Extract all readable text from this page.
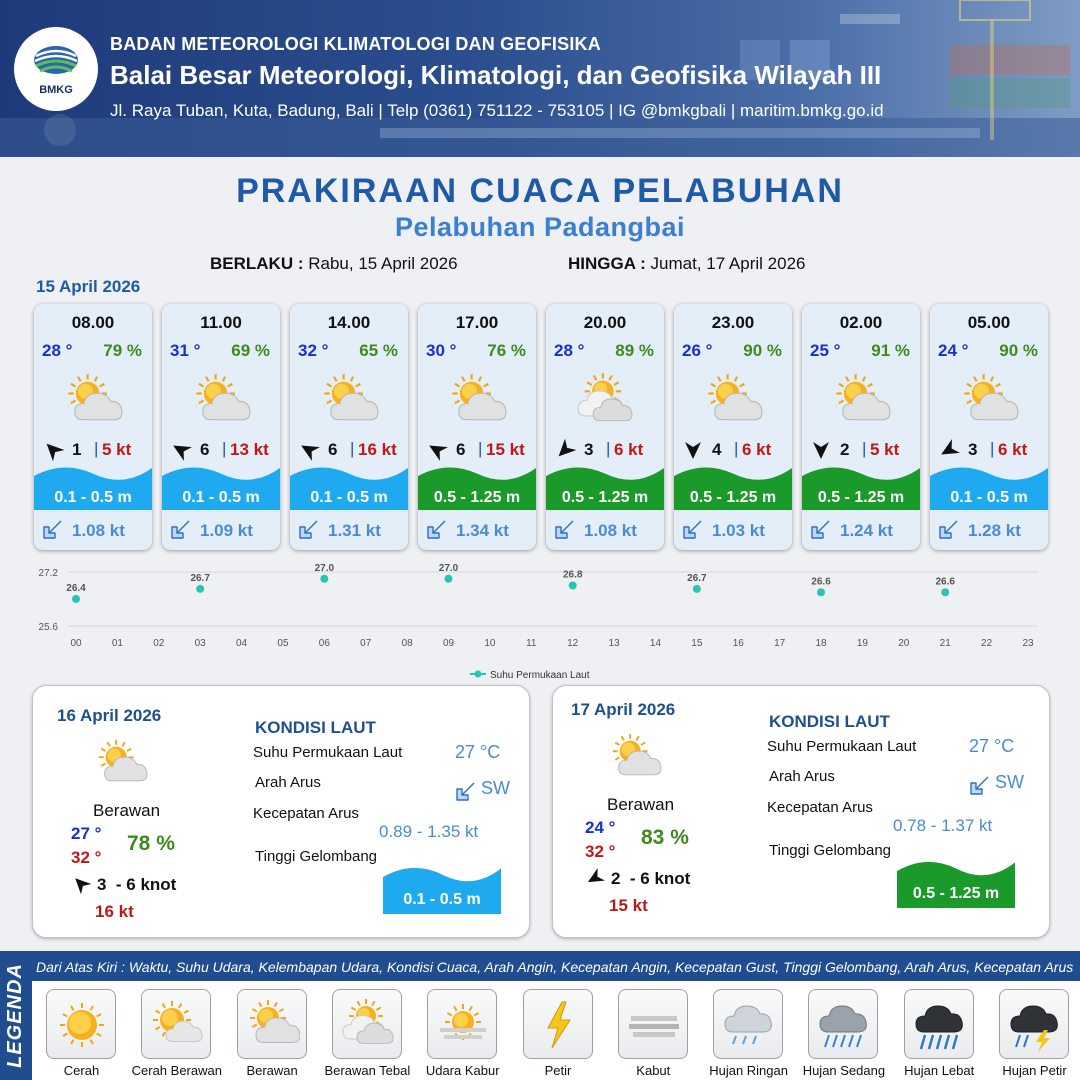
BMKG
BADAN METEOROLOGI KLIMATOLOGI DAN GEOFISIKA
Balai Besar Meteorologi, Klimatologi, dan Geofisika Wilayah III
Jl. Raya Tuban, Kuta, Badung, Bali | Telp (0361) 751122 - 753105 | IG @bmkgbali | maritim.bmkg.go.id
PRAKIRAAN CUACA PELABUHAN
Pelabuhan Padangbai
BERLAKU : Rabu, 15 April 2026	HINGGA : Jumat, 17 April 2026
15 April 2026
08.00
28 ° 79 %
1 | 5 kt
0.1 - 0.5 m
1.08 kt
11.00
31 ° 69 %
6 | 13 kt
0.1 - 0.5 m
1.09 kt
14.00
32 ° 65 %
6 | 16 kt
0.1 - 0.5 m
1.31 kt
17.00
30 ° 76 %
6 | 15 kt
0.5 - 1.25 m
1.34 kt
20.00
28 ° 89 %
3 | 6 kt
0.5 - 1.25 m
1.08 kt
23.00
26 ° 90 %
4 | 6 kt
0.5 - 1.25 m
1.03 kt
02.00
25 ° 91 %
2 | 5 kt
0.5 - 1.25 m
1.24 kt
05.00
24 ° 90 %
3 | 6 kt
0.1 - 0.5 m
1.28 kt
27.2
25.6
00	01	02	03	04	05	06	07	08	09	10	11	12	13	14	15	16	17	18	19	20	21	22	23
26.4
26.7
27.0	27.0
26.8	26.7	26.6	26.6
Suhu Permukaan Laut
16 April 2026
Berawan
27 °
32 °
78 %
3  - 6 knot
16 kt
KONDISI LAUT
Suhu Permukaan Laut	27 °C
Arah Arus	SW
Kecepatan Arus
0.89 - 1.35 kt
Tinggi Gelombang
0.1 - 0.5 m
17 April 2026
Berawan
24 °
32 °
83 %
2  - 6 knot
15 kt
KONDISI LAUT
Suhu Permukaan Laut	27 °C
Arah Arus	SW
Kecepatan Arus
0.78 - 1.37 kt
Tinggi Gelombang
0.5 - 1.25 m
LEGENDA Dari Atas Kiri : Waktu, Suhu Udara, Kelembapan Udara, Kondisi Cuaca, Arah Angin, Kecepatan Angin, Kecepatan Gust, Tinggi Gelombang, Arah Arus, Kecepatan Arus
Cerah	Cerah Berawan	Berawan	Berawan Tebal	Udara Kabur	Petir	Kabut	Hujan Ringan	Hujan Sedang	Hujan Lebat	Hujan Petir
